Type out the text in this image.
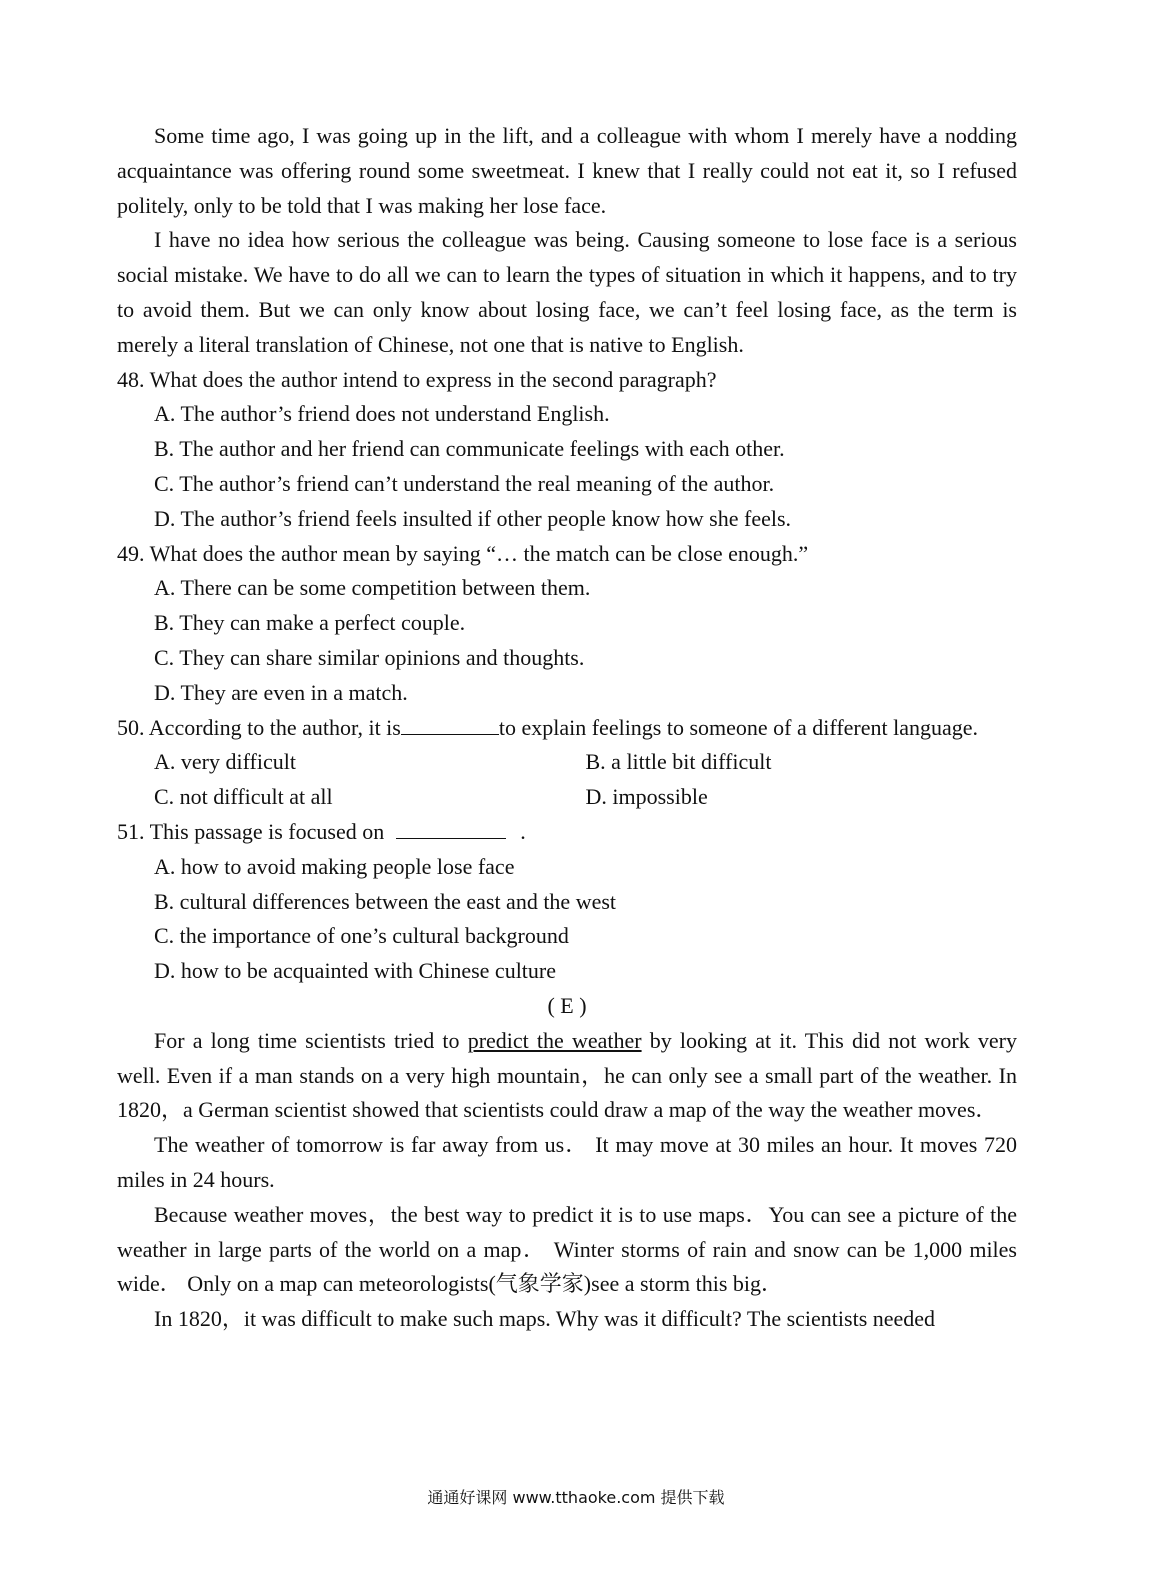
Some time ago, I was going up in the lift, and a colleague with whom I merely have a nodding acquaintance was offering round some sweetmeat. I knew that I really could not eat it, so I refused politely, only to be told that I was making her lose face.

I have no idea how serious the colleague was being. Causing someone to lose face is a serious social mistake. We have to do all we can to learn the types of situation in which it happens, and to try to avoid them. But we can only know about losing face, we can’t feel losing face, as the term is merely a literal translation of Chinese, not one that is native to English.

48. What does the author intend to express in the second paragraph?

A. The author’s friend does not understand English.

B. The author and her friend can communicate feelings with each other.

C. The author’s friend can’t understand the real meaning of the author.

D. The author’s friend feels insulted if other people know how she feels.

49. What does the author mean by saying “… the match can be close enough.”

A. There can be some competition between them.

B. They can make a perfect couple.

C. They can share similar opinions and thoughts.

D. They are even in a match.

50. According to the author, it is	to explain feelings to someone of a different language.

A. very difficult	B. a little bit difficult
C. not difficult at all	D. impossible

51. This passage is focused on	.

A. how to avoid making people lose face

B. cultural differences between the east and the west

C. the importance of one’s cultural background

D. how to be acquainted with Chinese culture

( E )

For a long time scientists tried to predict the weather by looking at it. This did not work very well. Even if a man stands on a very high mountain，he can only see a small part of the weather. In 1820，a German scientist showed that scientists could draw a map of the way the weather moves．

The weather of tomorrow is far away from us． It may move at 30 miles an hour. It moves 720 miles in 24 hours.

Because weather moves，the best way to predict it is to use maps．You can see a picture of the weather in large parts of the world on a map． Winter storms of rain and snow can be 1,000 miles wide． Only on a map can meteorologists(气象学家)see a storm this big．

In 1820，it was difficult to make such maps. Why was it difficult? The scientists needed

通通好课网 www.tthaoke.com 提供下载
